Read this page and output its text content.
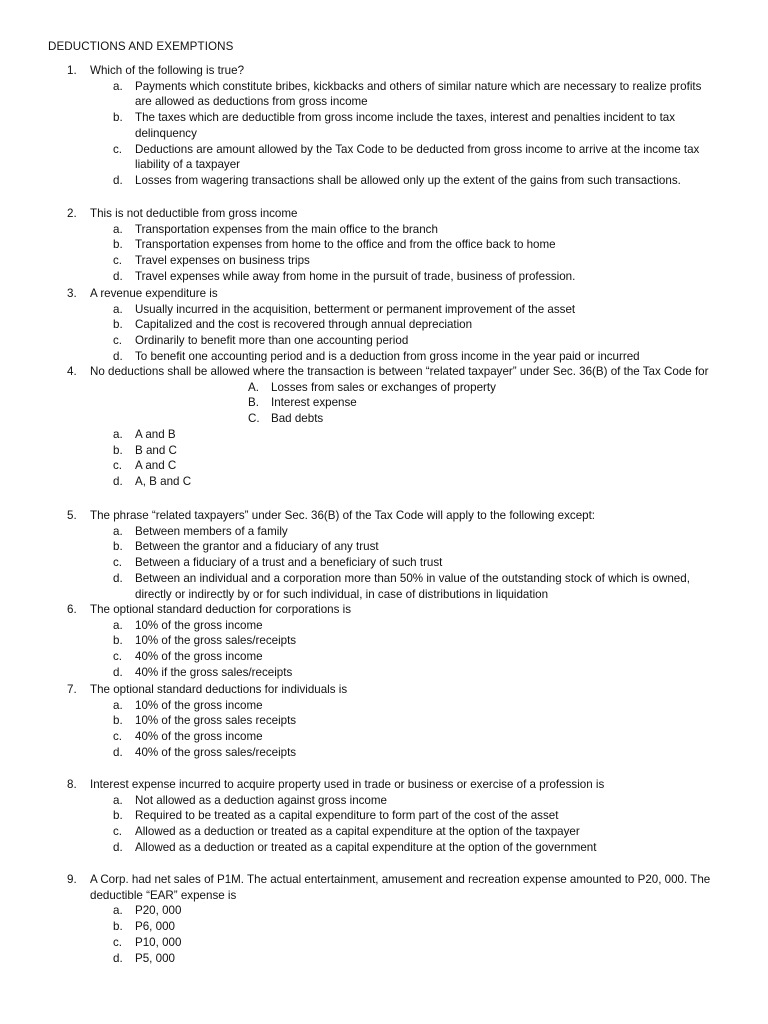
DEDUCTIONS AND EXEMPTIONS
1. Which of the following is true?
a. Payments which constitute bribes, kickbacks and others of similar nature which are necessary to realize profits are allowed as deductions from gross income
b. The taxes which are deductible from gross income include the taxes, interest and penalties incident to tax delinquency
c. Deductions are amount allowed by the Tax Code to be deducted from gross income to arrive at the income tax liability of a taxpayer
d. Losses from wagering transactions shall be allowed only up the extent of the gains from such transactions.
2. This is not deductible from gross income
a. Transportation expenses from the main office to the branch
b. Transportation expenses from home to the office and from the office back to home
c. Travel expenses on business trips
d. Travel expenses while away from home in the pursuit of trade, business of profession.
3. A revenue expenditure is
a. Usually incurred in the acquisition, betterment or permanent improvement of the asset
b. Capitalized and the cost is recovered through annual depreciation
c. Ordinarily to benefit more than one accounting period
d. To benefit one accounting period and is a deduction from gross income in the year paid or incurred
4. No deductions shall be allowed where the transaction is between “related taxpayer” under Sec. 36(B) of the Tax Code for
A. Losses from sales or exchanges of property
B. Interest expense
C. Bad debts
a. A and B
b. B and C
c. A and C
d. A, B and C
5. The phrase “related taxpayers” under Sec. 36(B) of the Tax Code will apply to the following except:
a. Between members of a family
b. Between the grantor and a fiduciary of any trust
c. Between a fiduciary of a trust and a beneficiary of such trust
d. Between an individual and a corporation more than 50% in value of the outstanding stock of which is owned, directly or indirectly by or for such individual, in case of distributions in liquidation
6. The optional standard deduction for corporations is
a. 10% of the gross income
b. 10% of the gross sales/receipts
c. 40% of the gross income
d. 40% if the gross sales/receipts
7. The optional standard deductions for individuals is
a. 10% of the gross income
b. 10% of the gross sales receipts
c. 40% of the gross income
d. 40% of the gross sales/receipts
8. Interest expense incurred to acquire property used in trade or business or exercise of a profession is
a. Not allowed as a deduction against gross income
b. Required to be treated as a capital expenditure to form part of the cost of the asset
c. Allowed as a deduction or treated as a capital expenditure at the option of the taxpayer
d. Allowed as a deduction or treated as a capital expenditure at the option of the government
9. A Corp. had net sales of P1M. The actual entertainment, amusement and recreation expense amounted to P20, 000. The deductible “EAR” expense is
a. P20, 000
b. P6, 000
c. P10, 000
d. P5, 000
